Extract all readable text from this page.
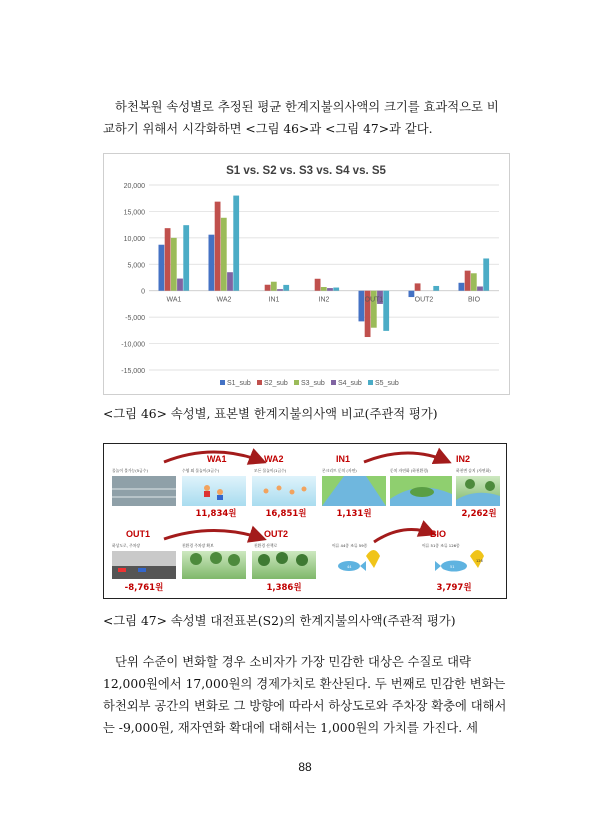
하천복원 속성별로 추정된 평균 한계지불의사액의 크기를 효과적으로 비교하기 위해서 시각화하면 <그림 46>과 <그림 47>과 같다.

S1 vs. S2 vs. S3 vs. S4 vs. S5
20,000
15,000
10,000
5,000
0
-5,000
-10,000
-15,000
WA1	WA2	IN1	IN2	OUT1	OUT2	BIO
S1_sub S2_sub S3_sub S4_sub S5_sub

<그림 46> 속성별, 표본별 한계지불의사액 비교(주관적 평가)

WA1	WA2	IN1	IN2
OUT1	OUT2	BIO
물놀이 불가능(5급수)	수영 외 물놀이(3급수)	모든 물놀이(1급수)	콘크리트 둔치 (자연)	둔치 자연화 (하천환경)	하천변 습지 (자연화)
하상도로, 주차장	친환경 주차장 확보	친환경 산책로	어류 44종 조류 59종	어류 51종 조류 126종
11,834원	16,851원	1,131원	2,262원
44	51
126
-8,761원	1,386원	3,797원

<그림 47> 속성별 대전표본(S2)의 한계지불의사액(주관적 평가)

단위 수준이 변화할 경우 소비자가 가장 민감한 대상은 수질로 대략 12,000원에서 17,000원의 경제가치로 환산된다. 두 번째로 민감한 변화는 하천외부 공간의 변화로 그 방향에 따라서 하상도로와 주차장 확충에 대해서는 -9,000원, 재자연화 확대에 대해서는 1,000원의 가치를 가진다. 세

88
